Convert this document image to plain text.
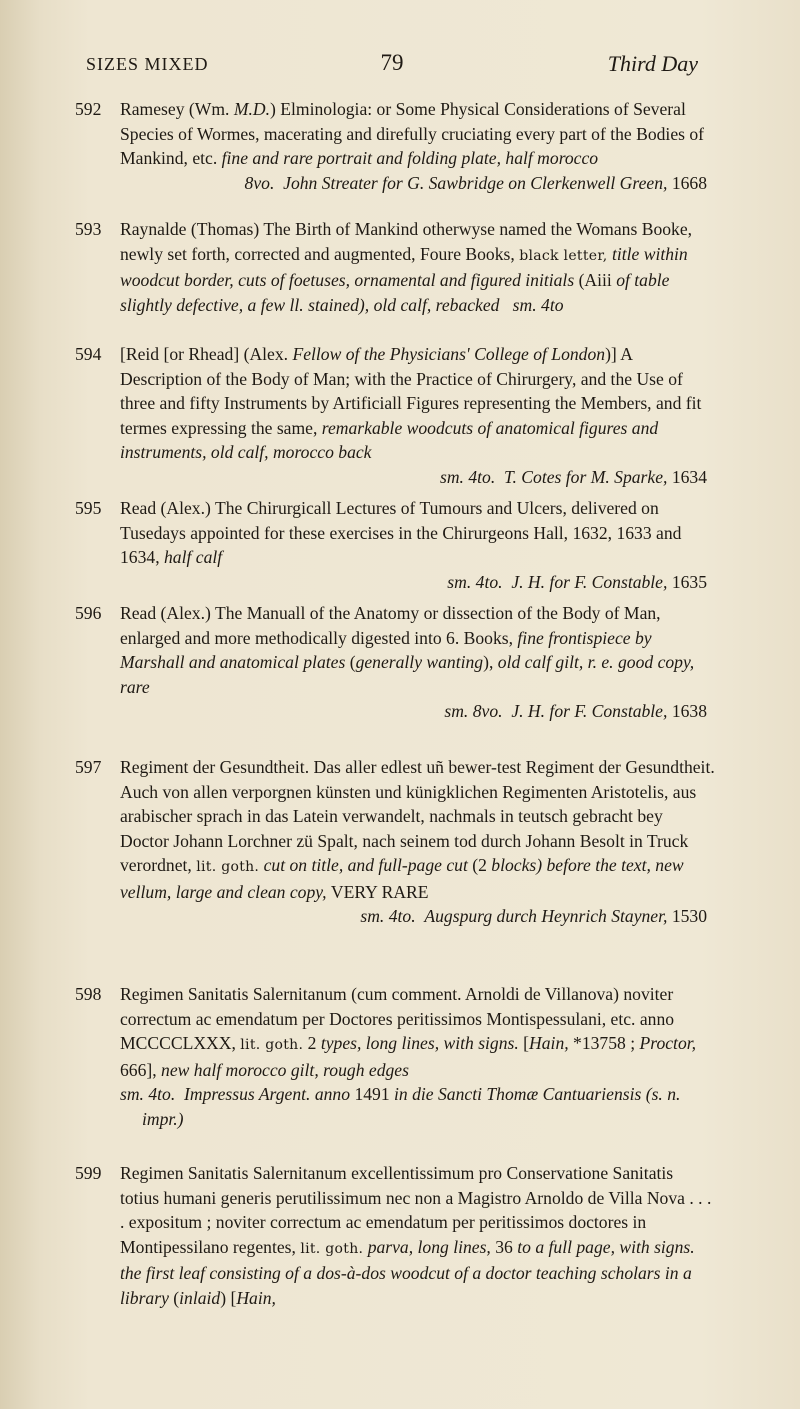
SIZES MIXED	79	Third Day
592 Ramesey (Wm. M.D.) Elminologia: or Some Physical Considerations of Several Species of Wormes, macerating and direfully cruciating every part of the Bodies of Mankind, etc. fine and rare portrait and folding plate, half morocco

8vo. John Streater for G. Sawbridge on Clerkenwell Green, 1668

593 Raynalde (Thomas) The Birth of Mankind otherwyse named the Womans Booke, newly set forth, corrected and augmented, Foure Books, black letter, title within woodcut border, cuts of foetuses, ornamental and figured initials (Aiii of table slightly defective, a few ll. stained), old calf, rebacked sm. 4to

594 [Reid [or Rhead] (Alex. Fellow of the Physicians' College of London)] A Description of the Body of Man; with the Practice of Chirurgery, and the Use of three and fifty Instruments by Artificiall Figures representing the Members, and fit termes expressing the same, remarkable woodcuts of anatomical figures and instruments, old calf, morocco back

sm. 4to. T. Cotes for M. Sparke, 1634

595 Read (Alex.) The Chirurgicall Lectures of Tumours and Ulcers, delivered on Tusedays appointed for these exercises in the Chirurgeons Hall, 1632, 1633 and 1634, half calf

sm. 4to. J. H. for F. Constable, 1635

596 Read (Alex.) The Manuall of the Anatomy or dissection of the Body of Man, enlarged and more methodically digested into 6. Books, fine frontispiece by Marshall and anatomical plates (generally wanting), old calf gilt, r. e. good copy, rare

sm. 8vo. J. H. for F. Constable, 1638

597 Regiment der Gesundtheit. Das aller edlest uñ bewer-test Regiment der Gesundtheit. Auch von allen verporgnen künsten und künigklichen Regimenten Aristotelis, aus arabischer sprach in das Latein verwandelt, nachmals in teutsch gebracht bey Doctor Johann Lorchner zü Spalt, nach seinem tod durch Johann Besolt in Truck verordnet, lit. goth. cut on title, and full-page cut (2 blocks) before the text, new vellum, large and clean copy, VERY RARE

sm. 4to. Augspurg durch Heynrich Stayner, 1530

598 Regimen Sanitatis Salernitanum (cum comment. Arnoldi de Villanova) noviter correctum ac emendatum per Doctores peritissimos Montispessulani, etc. anno MCCCCLXXX, lit. goth. 2 types, long lines, with signs. [Hain, *13758 ; Proctor, 666], new half morocco gilt, rough edges

sm. 4to. Impressus Argent. anno 1491 in die Sancti Thomæ Cantuariensis (s. n. impr.)

599 Regimen Sanitatis Salernitanum excellentissimum pro Conservatione Sanitatis totius humani generis perutilissimum nec non a Magistro Arnoldo de Villa Nova . . . . expositum ; noviter correctum ac emendatum per peritissimos doctores in Montipessilano regentes, lit. goth. parva, long lines, 36 to a full page, with signs. the first leaf consisting of a dos-à-dos woodcut of a doctor teaching scholars in a library (inlaid) [Hain,
